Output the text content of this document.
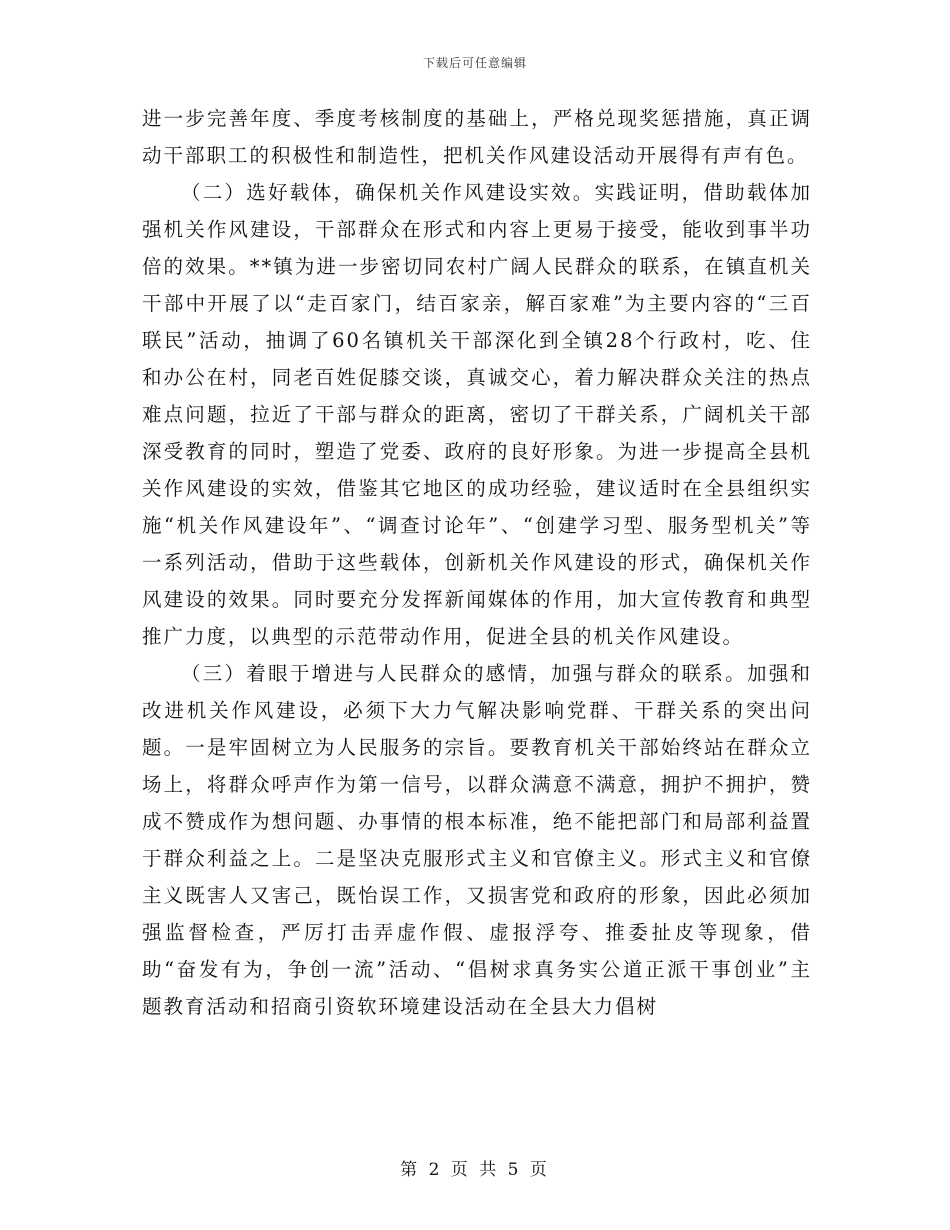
下载后可任意编辑

进一步完善年度、季度考核制度的基础上，严格兑现奖惩措施，真正调动干部职工的积极性和制造性，把机关作风建设活动开展得有声有色。

（二）选好载体，确保机关作风建设实效。实践证明，借助载体加强机关作风建设，干部群众在形式和内容上更易于接受，能收到事半功倍的效果。**镇为进一步密切同农村广阔人民群众的联系，在镇直机关干部中开展了以“走百家门，结百家亲，解百家难”为主要内容的“三百联民”活动，抽调了60名镇机关干部深化到全镇28个行政村，吃、住和办公在村，同老百姓促膝交谈，真诚交心，着力解决群众关注的热点难点问题，拉近了干部与群众的距离，密切了干群关系，广阔机关干部深受教育的同时，塑造了党委、政府的良好形象。为进一步提高全县机关作风建设的实效，借鉴其它地区的成功经验，建议适时在全县组织实施“机关作风建设年”、“调查讨论年”、“创建学习型、服务型机关”等一系列活动，借助于这些载体，创新机关作风建设的形式，确保机关作风建设的效果。同时要充分发挥新闻媒体的作用，加大宣传教育和典型推广力度，以典型的示范带动作用，促进全县的机关作风建设。

（三）着眼于增进与人民群众的感情，加强与群众的联系。加强和改进机关作风建设，必须下大力气解决影响党群、干群关系的突出问题。一是牢固树立为人民服务的宗旨。要教育机关干部始终站在群众立场上，将群众呼声作为第一信号，以群众满意不满意，拥护不拥护，赞成不赞成作为想问题、办事情的根本标准，绝不能把部门和局部利益置于群众利益之上。二是坚决克服形式主义和官僚主义。形式主义和官僚主义既害人又害己，既怡误工作，又损害党和政府的形象，因此必须加强监督检查，严厉打击弄虚作假、虚报浮夸、推委扯皮等现象，借助“奋发有为，争创一流”活动、“倡树求真务实公道正派干事创业”主题教育活动和招商引资软环境建设活动在全县大力倡树

第 2 页 共 5 页
